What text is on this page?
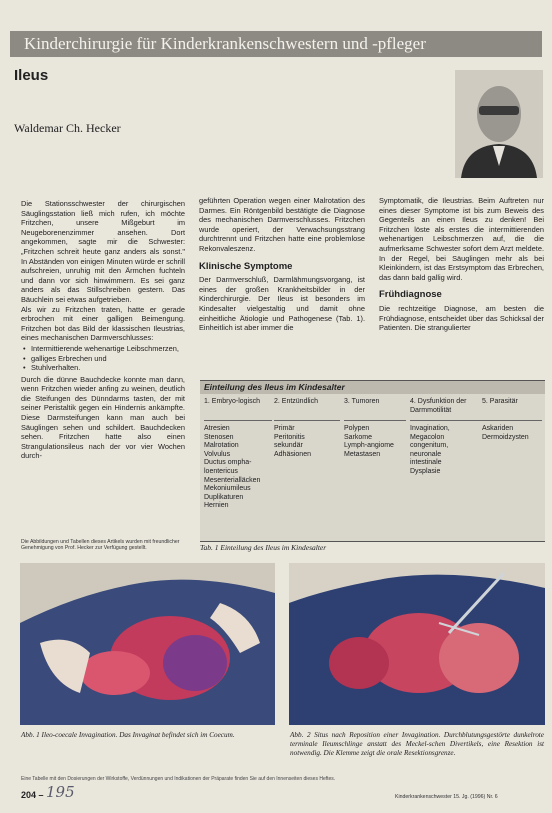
Kinderchirurgie für Kinderkrankenschwestern und -pfleger
Ileus
Waldemar Ch. Hecker

Die Stationsschwester der chirurgischen Säuglingsstation ließ mich rufen, ich möchte Fritzchen, unsere Mißgeburt im Neugeborenenzimmer ansehen. Dort angekommen, sagte mir die Schwester: „Fritzchen schreit heute ganz anders als sonst." In Abständen von einigen Minuten würde er schrill aufschreien, unruhig mit den Ärmchen fuchteln und dann vor sich hinwimmern. Es sei ganz anders als das Stillschreiben gestern. Das Bäuchlein sei etwas aufgetrieben.

Als wir zu Fritzchen traten, hatte er gerade erbrochen mit einer galligen Beimengung. Fritzchen bot das Bild der klassischen Ileustrias, eines mechanischen Darmverschlusses:

• Intermittierende wehenartige Leibschmerzen,
• galliges Erbrechen und
• Stuhlverhalten.

Durch die dünne Bauchdecke konnte man dann, wenn Fritzchen wieder anfing zu weinen, deutlich die Steifungen des Dünndarms tasten, der mit seiner Peristaltik gegen ein Hindernis ankämpfte. Diese Darmsteifungen kann man auch bei Säuglingen sehen und schildert. Bauchdecken sehen. Fritzchen hatte also einen Strangulationsileus nach der vor vier Wochen durch-

Die Abbildungen und Tabellen dieses Artikels wurden mit freundlicher Genehmigung von Prof. Hecker zur Verfügung gestellt.

geführten Operation wegen einer Malrotation des Darmes. Ein Röntgenbild bestätigte die Diagnose des mechanischen Darmverschlusses. Fritzchen wurde operiert, der Verwachsungsstrang durchtrennt und Fritzchen hatte eine problemlose Rekonvaleszenz.

Klinische Symptome

Der Darmverschluß, Darmlähmungsvorgang, ist eines der großen Krankheitsbilder in der Kinderchirurgie. Der Ileus ist besonders im Kindesalter vielgestaltig und damit ohne einheitliche Ätiologie und Pathogenese (Tab. 1). Einheitlich ist aber immer die

Symptomatik, die Ileustrias. Beim Auftreten nur eines dieser Symptome ist bis zum Beweis des Gegenteils an einen Ileus zu denken! Bei Fritzchen löste als erstes die intermittierenden wehenartigen Leibschmerzen auf, die die aufmerksame Schwester sofort dem Arzt meldete. In der Regel, bei Säuglingen mehr als bei Kleinkindern, ist das Erstsymptom das Erbrechen, das dann bald gallig wird.

Frühdiagnose

Die rechtzeitige Diagnose, am besten die Frühdiagnose, entscheidet über das Schicksal der Patienten. Die strangulierter

Einteilung des Ileus im Kindesalter
1. Embryo-logisch
Atresien
Stenosen
Malrotation
Volvulus
Ductus ompha-loentericus
Mesenterialläcken
Mekoniumileus
Duplikaturen
Hernien
2. Entzündlich
Primär
Peritonitis
sekundär
Adhäsionen
3. Tumoren
Polypen
Sarkome
Lymph-angiome
Metastasen
4. Dysfunktion der Darmmotilität
Invagination,
Megacolon
congenitum,
neuronale
intestinale
Dysplasie
5. Parasitär
Askariden
Dermoidzysten
Tab. 1 Einteilung des Ileus im Kindesalter
Abb. 1 Ileo-coecale Invagination. Das Invaginat befindet sich im Coecum.	Abb. 2 Situs nach Reposition einer Invagination. Durchblutungsgestörte dunkelrote terminale Ileumschlinge anstatt des Meckel-schen Divertikels, eine Resektion ist notwendig. Die Klemme zeigt die orale Resektionsgrenze.
Eine Tabelle mit den Dosierungen der Wirkstoffe, Verdünnungen und Indikationen der Präparate finden Sie auf den Innenseiten dieses Heftes.
204 – 195	Kinderkrankenschwester 15. Jg. (1996) Nr. 6
